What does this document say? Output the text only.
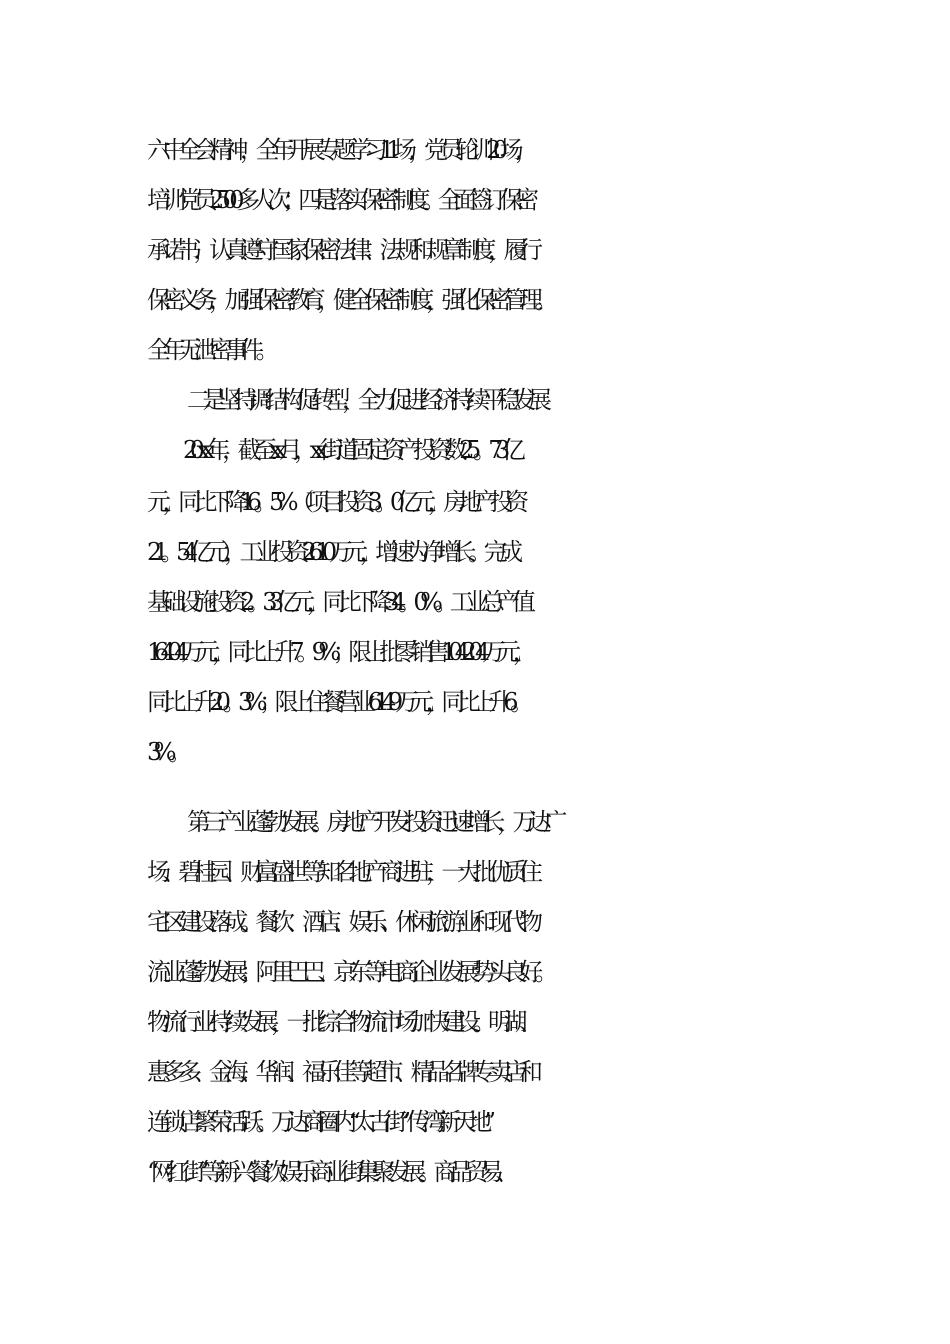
六中全会精神，全年开展专题学习11场，党员轮训20场，
培训党员2500多人次；四是落实保密制度。全面签订保密
承诺书，认真遵守国家保密法律、法规和规章制度，履行
保密义务，加强保密教育，健全保密制度，强化保密管理。
全年无泄密事件。
二是坚持调结构促转型，全力促进经济持续平稳发展
20xx年，截至xx月，xx街道固定资产投资数25。73亿
元，同比下降16。5%（项目投资3。0亿元，房地产投资
21。54亿元），工业投资2610万元，增速为净增长。完成
基础设施投资2。33亿元，同比下降34。0%。工业总产值
16404万元，同比上升7。9%；限上批零销售104204万元，
同比上升20。3%；限上住餐营业6149万元，同比上升6。
3%。
第三产业蓬勃发展。房地产开发投资迅速增长，万达广
场、碧桂园、财富盛世等知名地产商进驻，一大批优质住
宅区建设落成。餐饮、酒店、娱乐、休闲旅游业和现代物
流业蓬勃发展；阿里巴巴、京东等电商企业发展势头良好。
物流行业持续发展，一批综合物流市场加快建设。明湖、
惠多多、金海、华润、福乐佳等超市、精品名牌专卖店和
连锁店繁荣活跃。万达商圈内“太古街”“传湾新天地”
“网红街”等新兴餐饮娱乐商业街集聚发展。商品贸易、
